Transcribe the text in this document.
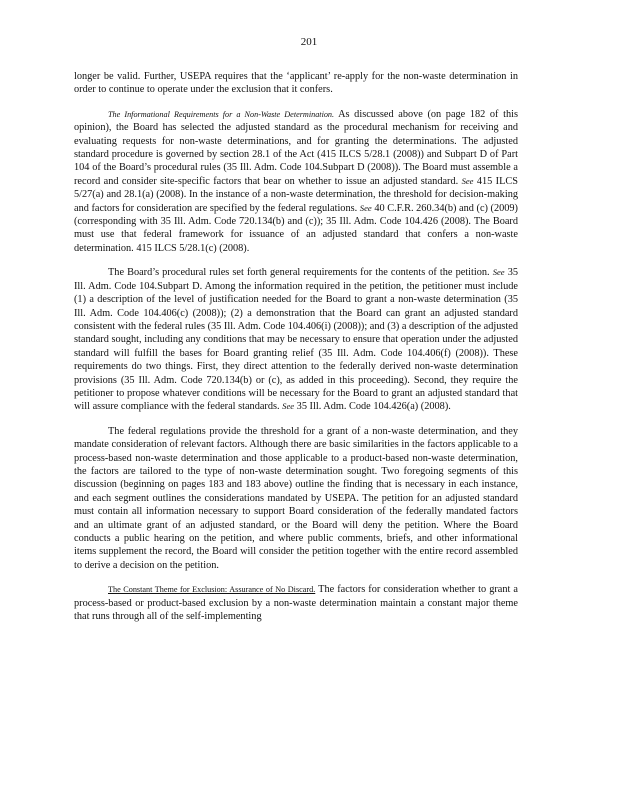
201

longer be valid. Further, USEPA requires that the ‘applicant’ re-apply for the non-waste determination in order to continue to operate under the exclusion that it confers.

The Informational Requirements for a Non-Waste Determination. As discussed above (on page 182 of this opinion), the Board has selected the adjusted standard as the procedural mechanism for receiving and evaluating requests for non-waste determinations, and for granting the determinations. The adjusted standard procedure is governed by section 28.1 of the Act (415 ILCS 5/28.1 (2008)) and Subpart D of Part 104 of the Board’s procedural rules (35 Ill. Adm. Code 104.Subpart D (2008)). The Board must assemble a record and consider site-specific factors that bear on whether to issue an adjusted standard. See 415 ILCS 5/27(a) and 28.1(a) (2008). In the instance of a non-waste determination, the threshold for decision-making and factors for consideration are specified by the federal regulations. See 40 C.F.R. 260.34(b) and (c) (2009) (corresponding with 35 Ill. Adm. Code 720.134(b) and (c)); 35 Ill. Adm. Code 104.426 (2008). The Board must use that federal framework for issuance of an adjusted standard that confers a non-waste determination. 415 ILCS 5/28.1(c) (2008).

The Board’s procedural rules set forth general requirements for the contents of the petition. See 35 Ill. Adm. Code 104.Subpart D. Among the information required in the petition, the petitioner must include (1) a description of the level of justification needed for the Board to grant a non-waste determination (35 Ill. Adm. Code 104.406(c) (2008)); (2) a demonstration that the Board can grant an adjusted standard consistent with the federal rules (35 Ill. Adm. Code 104.406(i) (2008)); and (3) a description of the adjusted standard sought, including any conditions that may be necessary to ensure that operation under the adjusted standard will fulfill the bases for Board granting relief (35 Ill. Adm. Code 104.406(f) (2008)). These requirements do two things. First, they direct attention to the federally derived non-waste determination provisions (35 Ill. Adm. Code 720.134(b) or (c), as added in this proceeding). Second, they require the petitioner to propose whatever conditions will be necessary for the Board to grant an adjusted standard that will assure compliance with the federal standards. See 35 Ill. Adm. Code 104.426(a) (2008).

The federal regulations provide the threshold for a grant of a non-waste determination, and they mandate consideration of relevant factors. Although there are basic similarities in the factors applicable to a process-based non-waste determination and those applicable to a product-based non-waste determination, the factors are tailored to the type of non-waste determination sought. Two foregoing segments of this discussion (beginning on pages 183 and 183 above) outline the finding that is necessary in each instance, and each segment outlines the considerations mandated by USEPA. The petition for an adjusted standard must contain all information necessary to support Board consideration of the federally mandated factors and an ultimate grant of an adjusted standard, or the Board will deny the petition. Where the Board conducts a public hearing on the petition, and where public comments, briefs, and other informational items supplement the record, the Board will consider the petition together with the entire record assembled to derive a decision on the petition.

The Constant Theme for Exclusion: Assurance of No Discard. The factors for consideration whether to grant a process-based or product-based exclusion by a non-waste determination maintain a constant major theme that runs through all of the self-implementing
